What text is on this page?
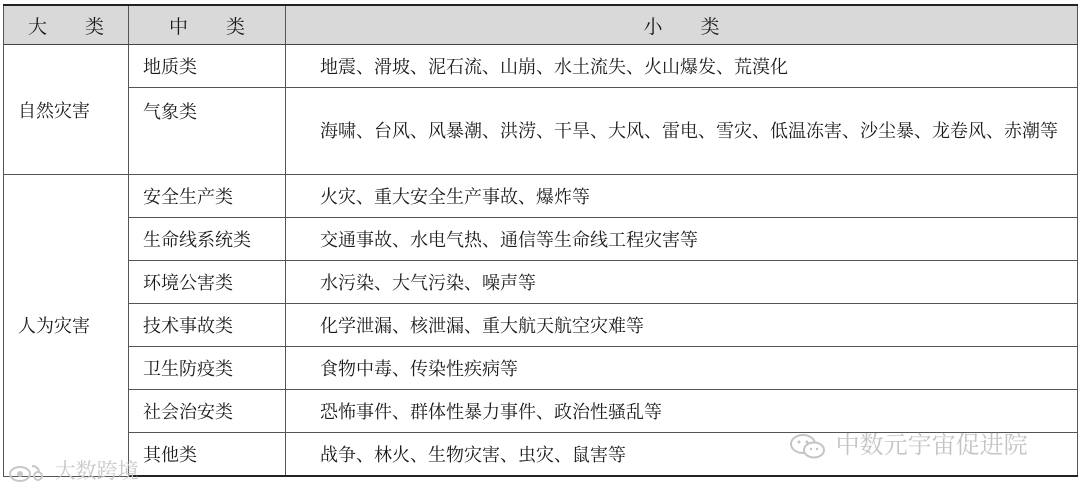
大　　类	中　　类	小　　类
自然灾害	地质类	地震、滑坡、泥石流、山崩、水土流失、火山爆发、荒漠化
	气象类	海啸、台风、风暴潮、洪涝、干旱、大风、雷电、雪灾、低温冻害、沙尘暴、龙卷风、赤潮等
人为灾害	安全生产类	火灾、重大安全生产事故、爆炸等
	生命线系统类	交通事故、水电气热、通信等生命线工程灾害等
	环境公害类	水污染、大气污染、噪声等
	技术事故类	化学泄漏、核泄漏、重大航天航空灾难等
	卫生防疫类	食物中毒、传染性疾病等
	社会治安类	恐怖事件、群体性暴力事件、政治性骚乱等
	其他类	战争、林火、生物灾害、虫灾、鼠害等
大数跨境
中数元宇宙促进院
